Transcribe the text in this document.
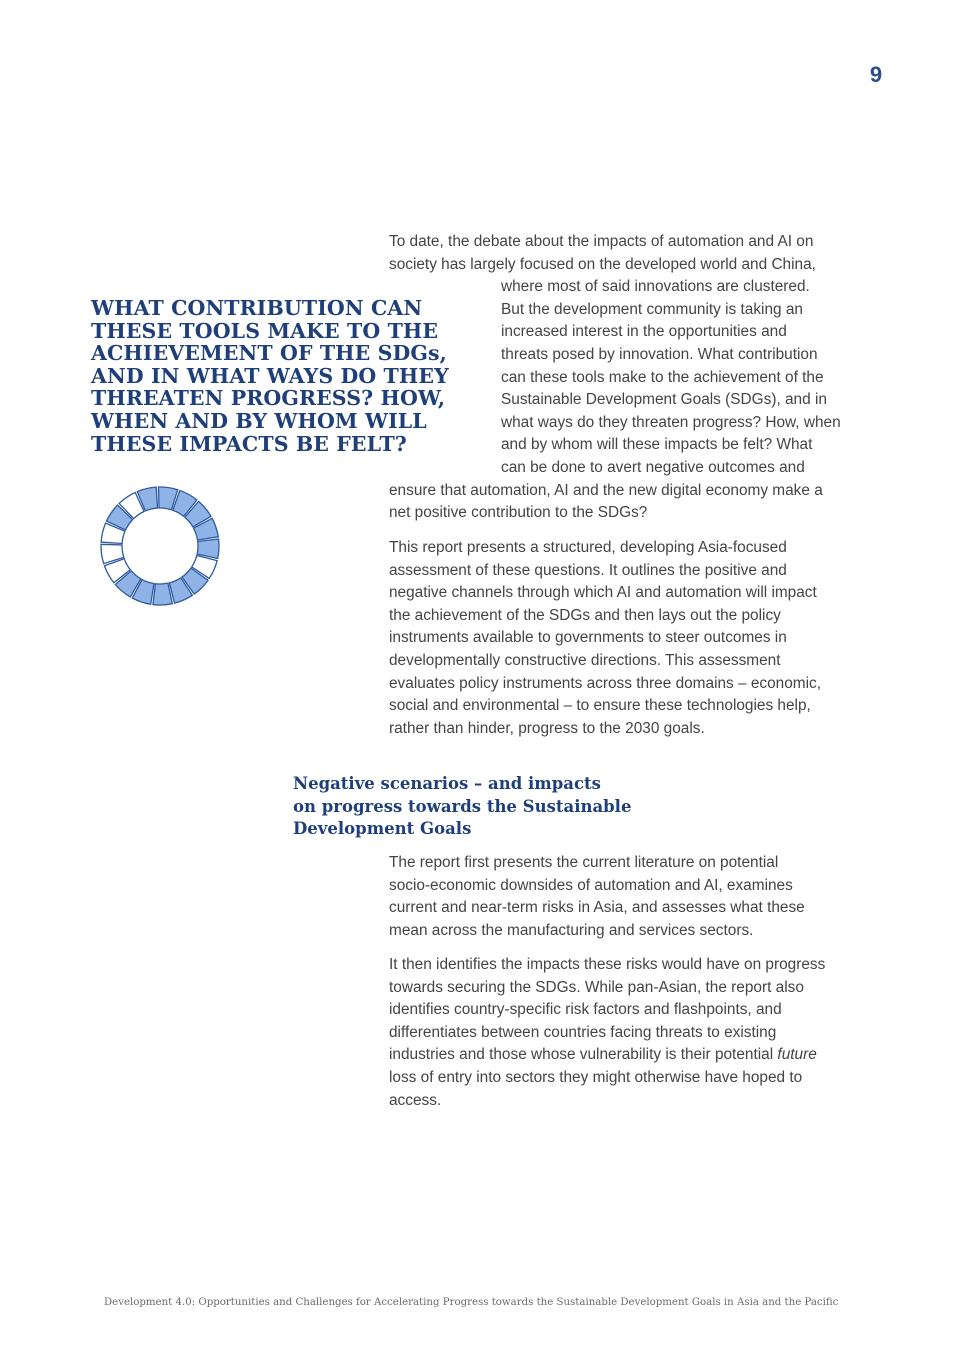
9
WHAT CONTRIBUTION CAN
THESE TOOLS MAKE TO THE
ACHIEVEMENT OF THE SDGs,
AND IN WHAT WAYS DO THEY
THREATEN PROGRESS? HOW,
WHEN AND BY WHOM WILL
THESE IMPACTS BE FELT?

To date, the debate about the impacts of automation and AI on
society has largely focused on the developed world and China,

where most of said innovations are clustered.
But the development community is taking an
increased interest in the opportunities and
threats posed by innovation. What contribution
can these tools make to the achievement of the
Sustainable Development Goals (SDGs), and in
what ways do they threaten progress? How, when
and by whom will these impacts be felt? What
can be done to avert negative outcomes and

ensure that automation, AI and the new digital economy make a
net positive contribution to the SDGs?

This report presents a structured, developing Asia-focused
assessment of these questions. It outlines the positive and
negative channels through which AI and automation will impact
the achievement of the SDGs and then lays out the policy
instruments available to governments to steer outcomes in
developmentally constructive directions. This assessment
evaluates policy instruments across three domains – economic,
social and environmental – to ensure these technologies help,
rather than hinder, progress to the 2030 goals.

Negative scenarios – and impacts
on progress towards the Sustainable
Development Goals

The report first presents the current literature on potential
socio-economic downsides of automation and AI, examines
current and near-term risks in Asia, and assesses what these
mean across the manufacturing and services sectors.

It then identifies the impacts these risks would have on progress
towards securing the SDGs. While pan-Asian, the report also
identifies country-specific risk factors and flashpoints, and
differentiates between countries facing threats to existing
industries and those whose vulnerability is their potential future
loss of entry into sectors they might otherwise have hoped to
access.

Development 4.0: Opportunities and Challenges for Accelerating Progress towards the Sustainable Development Goals in Asia and the Pacific
